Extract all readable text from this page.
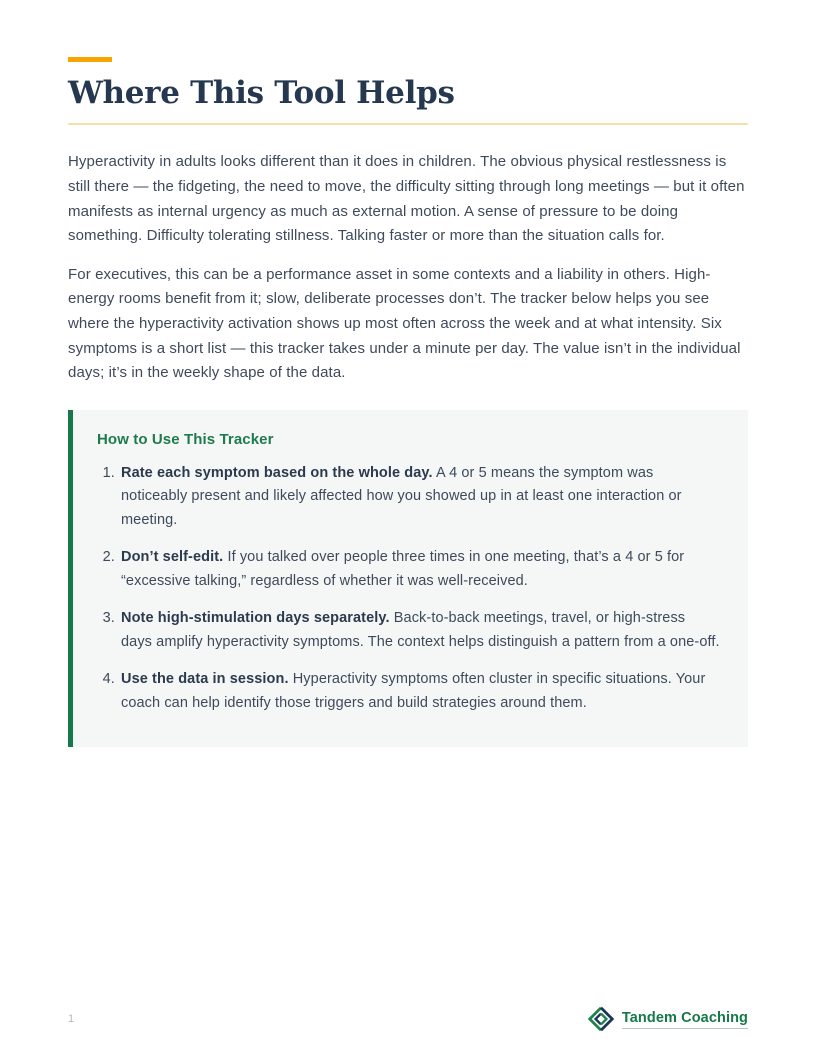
Where This Tool Helps

Hyperactivity in adults looks different than it does in children. The obvious physical restlessness is still there — the fidgeting, the need to move, the difficulty sitting through long meetings — but it often manifests as internal urgency as much as external motion. A sense of pressure to be doing something. Difficulty tolerating stillness. Talking faster or more than the situation calls for.

For executives, this can be a performance asset in some contexts and a liability in others. High-energy rooms benefit from it; slow, deliberate processes don’t. The tracker below helps you see where the hyperactivity activation shows up most often across the week and at what intensity. Six symptoms is a short list — this tracker takes under a minute per day. The value isn’t in the individual days; it’s in the weekly shape of the data.

How to Use This Tracker
1. Rate each symptom based on the whole day. A 4 or 5 means the symptom was noticeably present and likely affected how you showed up in at least one interaction or meeting.
2. Don’t self-edit. If you talked over people three times in one meeting, that’s a 4 or 5 for “excessive talking,” regardless of whether it was well-received.
3. Note high-stimulation days separately. Back-to-back meetings, travel, or high-stress days amplify hyperactivity symptoms. The context helps distinguish a pattern from a one-off.
4. Use the data in session. Hyperactivity symptoms often cluster in specific situations. Your coach can help identify those triggers and build strategies around them.
1	Tandem Coaching
